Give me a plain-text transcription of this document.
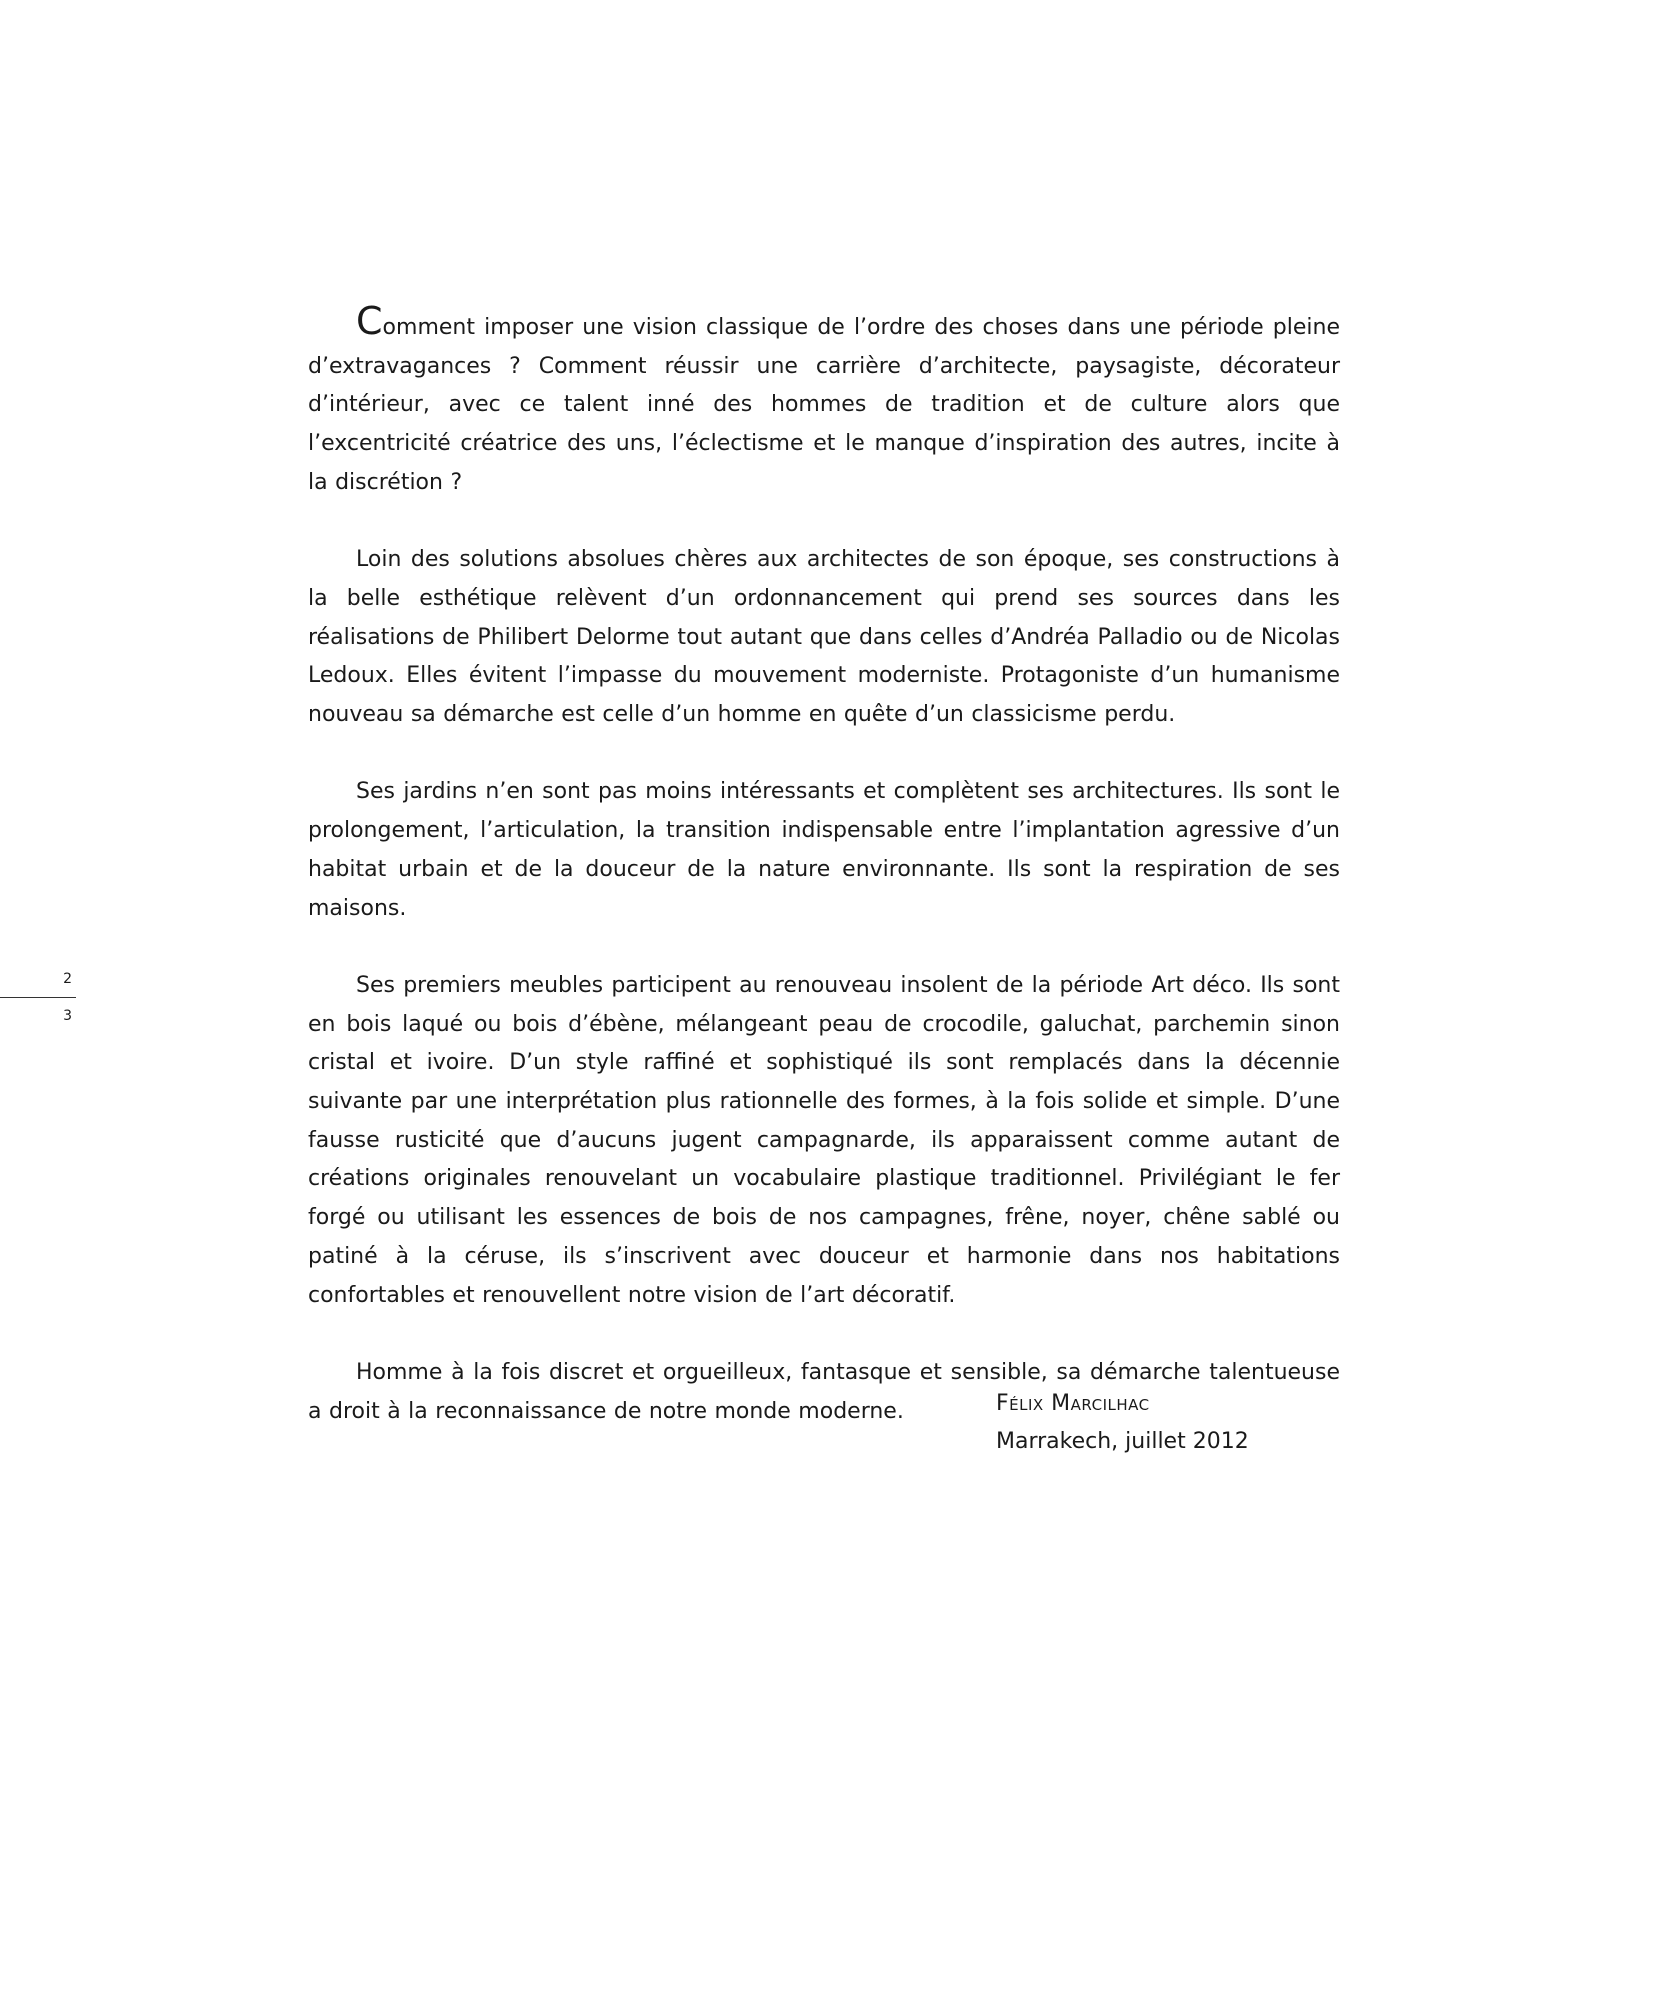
2
3

Comment imposer une vision classique de l’ordre des choses dans une période pleine d’extravagances ? Comment réussir une carrière d’architecte, paysagiste, décorateur d’intérieur, avec ce talent inné des hommes de tradition et de culture alors que l’excentricité créatrice des uns, l’éclectisme et le manque d’inspiration des autres, incite à la discrétion ?

Loin des solutions absolues chères aux architectes de son époque, ses constructions à la belle esthétique relèvent d’un ordonnancement qui prend ses sources dans les réalisations de Philibert Delorme tout autant que dans celles d’Andréa Palladio ou de Nicolas Ledoux. Elles évitent l’impasse du mouvement moderniste. Protagoniste d’un humanisme nouveau sa démarche est celle d’un homme en quête d’un classicisme perdu.

Ses jardins n’en sont pas moins intéressants et complètent ses architectures. Ils sont le prolongement, l’articulation, la transition indispensable entre l’implantation agressive d’un habitat urbain et de la douceur de la nature environnante. Ils sont la respiration de ses maisons.

Ses premiers meubles participent au renouveau insolent de la période Art déco. Ils sont en bois laqué ou bois d’ébène, mélangeant peau de crocodile, galuchat, parchemin sinon cristal et ivoire. D’un style raffiné et sophistiqué ils sont remplacés dans la décennie suivante par une interprétation plus rationnelle des formes, à la fois solide et simple. D’une fausse rusticité que d’aucuns jugent campagnarde, ils apparaissent comme autant de créations originales renouvelant un vocabulaire plastique traditionnel. Privilégiant le fer forgé ou utilisant les essences de bois de nos campagnes, frêne, noyer, chêne sablé ou patiné à la céruse, ils s’inscrivent avec douceur et harmonie dans nos habitations confortables et renouvellent notre vision de l’art décoratif.

Homme à la fois discret et orgueilleux, fantasque et sensible, sa démarche talentueuse a droit à la reconnaissance de notre monde moderne.	Félix Marcilhac
Marrakech, juillet 2012
